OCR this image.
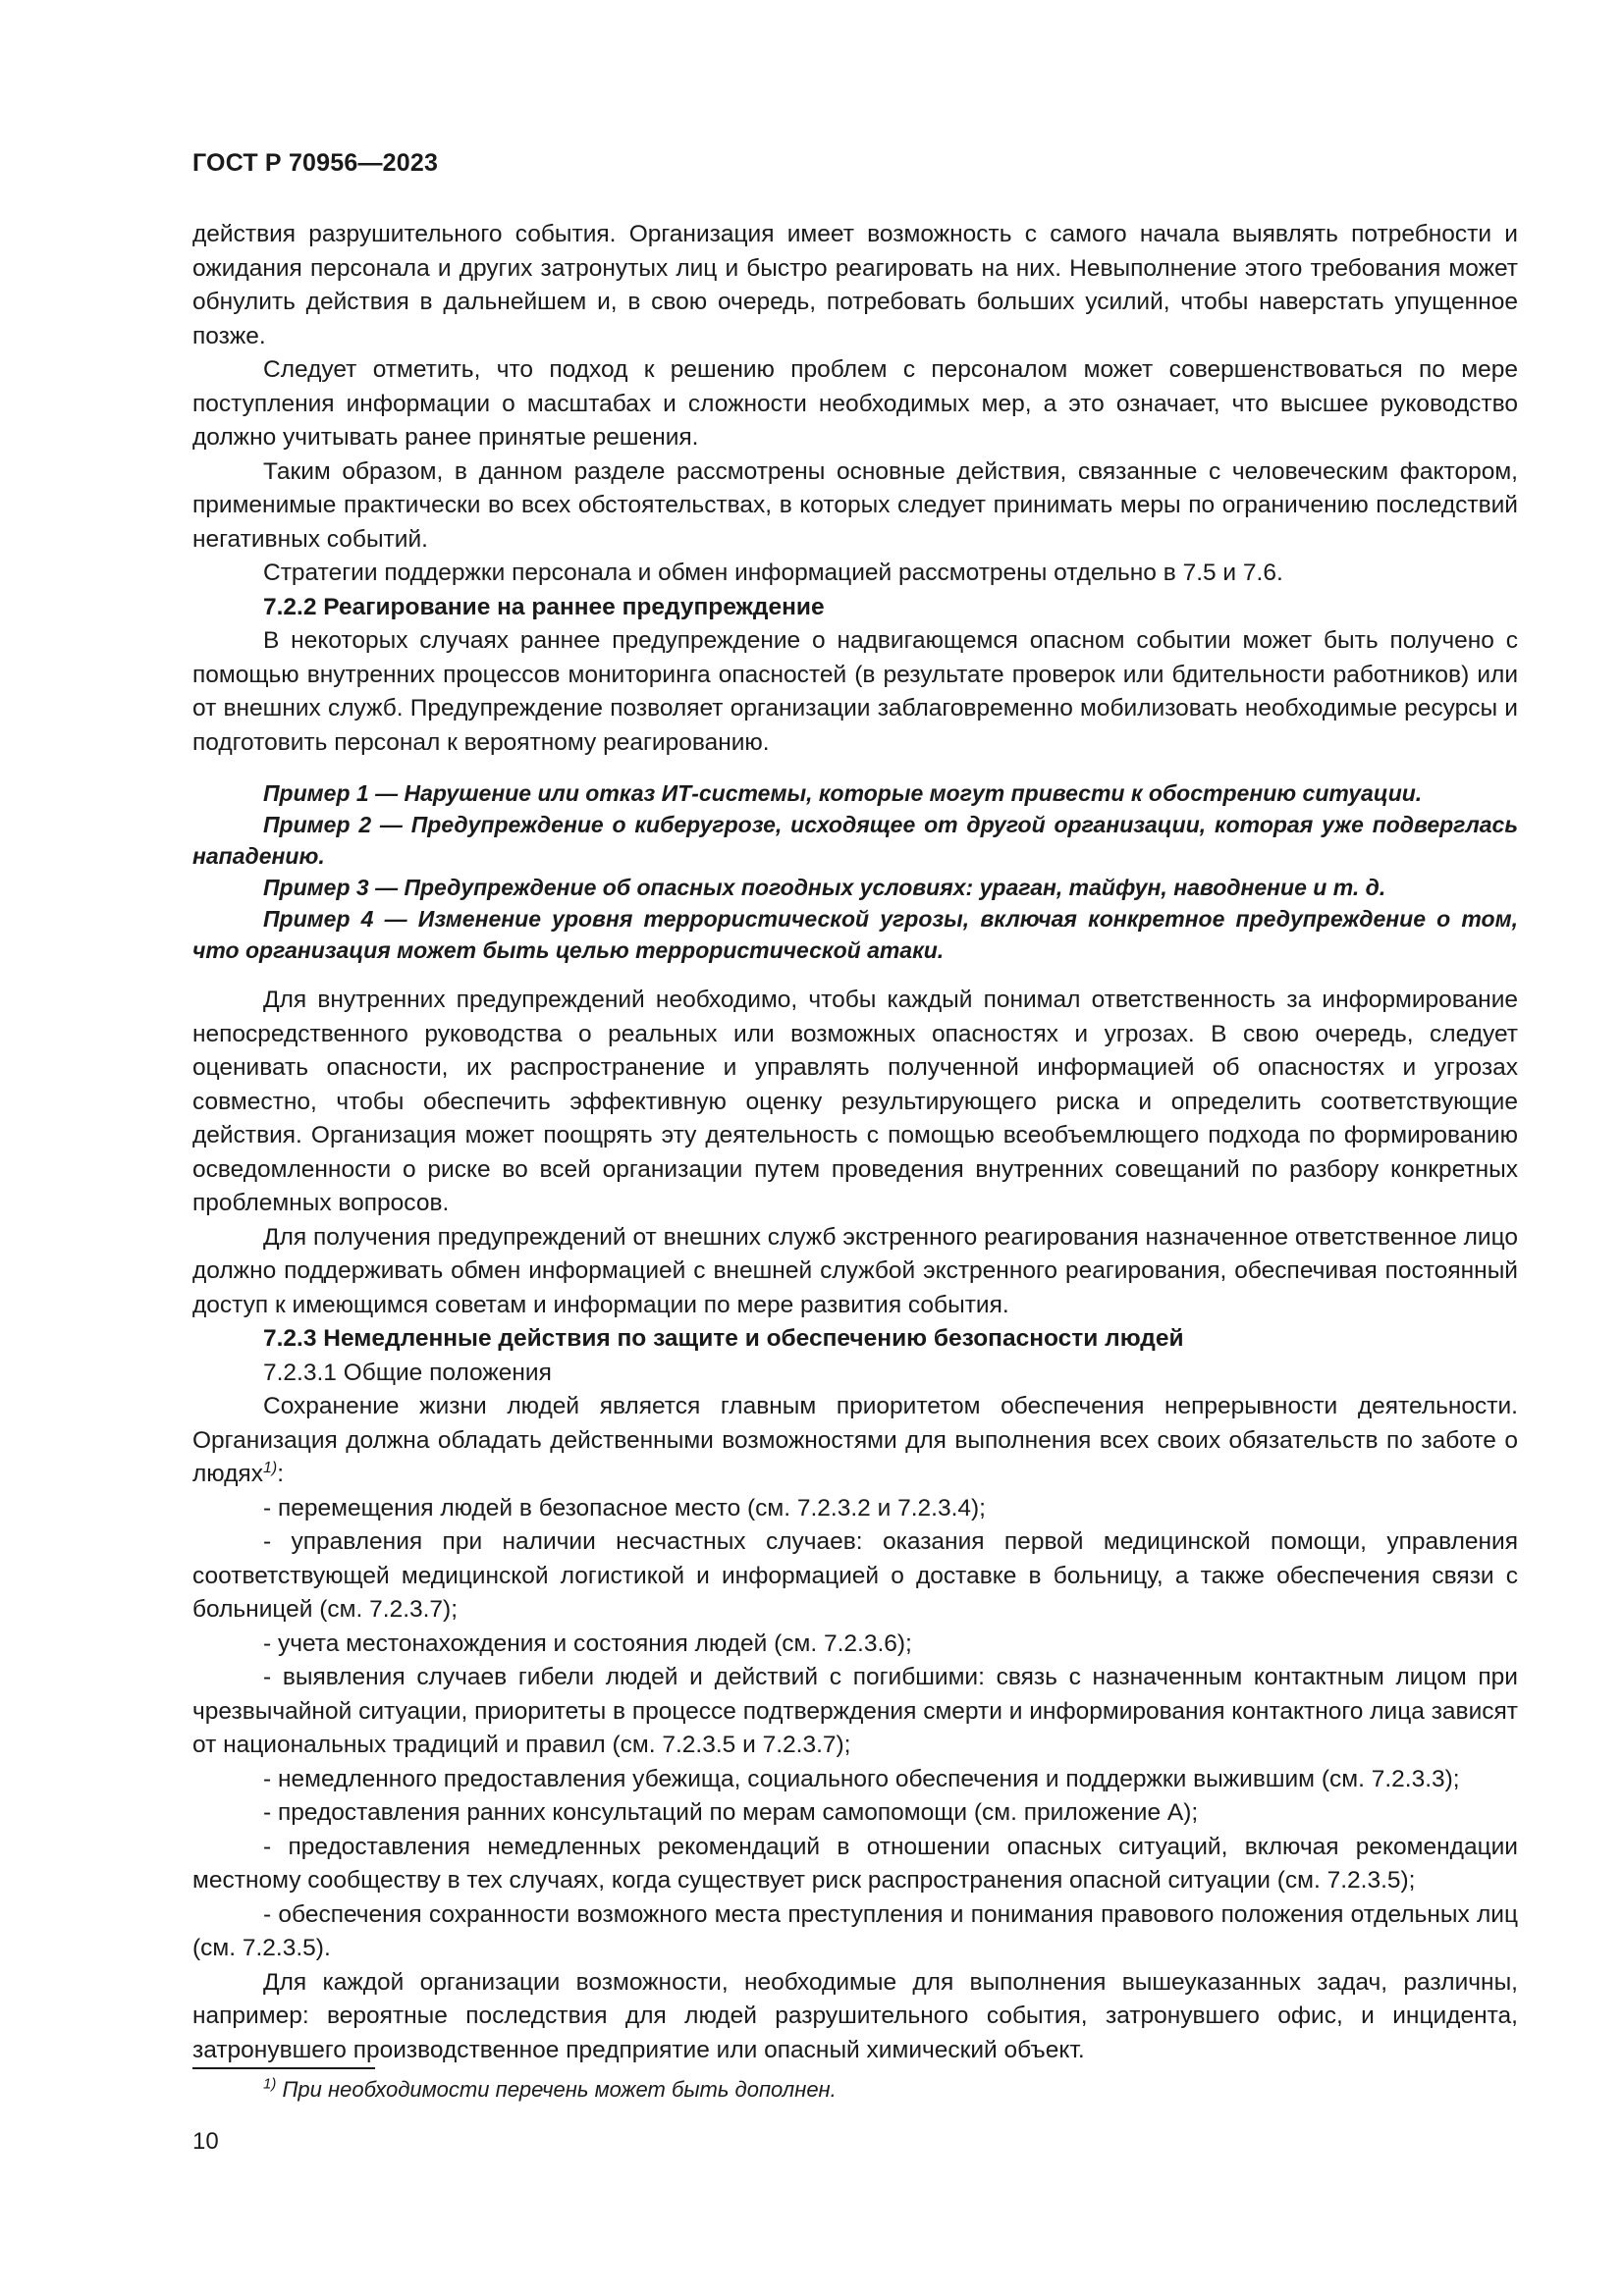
ГОСТ Р 70956—2023

действия разрушительного события. Организация имеет возможность с самого начала выявлять потребности и ожидания персонала и других затронутых лиц и быстро реагировать на них. Невыполнение этого требования может обнулить действия в дальнейшем и, в свою очередь, потребовать больших усилий, чтобы наверстать упущенное позже.

Следует отметить, что подход к решению проблем с персоналом может совершенствоваться по мере поступления информации о масштабах и сложности необходимых мер, а это означает, что высшее руководство должно учитывать ранее принятые решения.

Таким образом, в данном разделе рассмотрены основные действия, связанные с человеческим фактором, применимые практически во всех обстоятельствах, в которых следует принимать меры по ограничению последствий негативных событий.

Стратегии поддержки персонала и обмен информацией рассмотрены отдельно в 7.5 и 7.6.

7.2.2 Реагирование на раннее предупреждение

В некоторых случаях раннее предупреждение о надвигающемся опасном событии может быть получено с помощью внутренних процессов мониторинга опасностей (в результате проверок или бдительности работников) или от внешних служб. Предупреждение позволяет организации заблаговременно мобилизовать необходимые ресурсы и подготовить персонал к вероятному реагированию.

Пример 1 — Нарушение или отказ ИТ-системы, которые могут привести к обострению ситуации.

Пример 2 — Предупреждение о киберугрозе, исходящее от другой организации, которая уже подверглась нападению.

Пример 3 — Предупреждение об опасных погодных условиях: ураган, тайфун, наводнение и т. д.

Пример 4 — Изменение уровня террористической угрозы, включая конкретное предупреждение о том, что организация может быть целью террористической атаки.

Для внутренних предупреждений необходимо, чтобы каждый понимал ответственность за информирование непосредственного руководства о реальных или возможных опасностях и угрозах. В свою очередь, следует оценивать опасности, их распространение и управлять полученной информацией об опасностях и угрозах совместно, чтобы обеспечить эффективную оценку результирующего риска и определить соответствующие действия. Организация может поощрять эту деятельность с помощью всеобъемлющего подхода по формированию осведомленности о риске во всей организации путем проведения внутренних совещаний по разбору конкретных проблемных вопросов.

Для получения предупреждений от внешних служб экстренного реагирования назначенное ответственное лицо должно поддерживать обмен информацией с внешней службой экстренного реагирования, обеспечивая постоянный доступ к имеющимся советам и информации по мере развития события.

7.2.3 Немедленные действия по защите и обеспечению безопасности людей

7.2.3.1 Общие положения

Сохранение жизни людей является главным приоритетом обеспечения непрерывности деятельности. Организация должна обладать действенными возможностями для выполнения всех своих обязательств по заботе о людях$^{1)}$:

- перемещения людей в безопасное место (см. 7.2.3.2 и 7.2.3.4);

- управления при наличии несчастных случаев: оказания первой медицинской помощи, управления соответствующей медицинской логистикой и информацией о доставке в больницу, а также обеспечения связи с больницей (см. 7.2.3.7);

- учета местонахождения и состояния людей (см. 7.2.3.6);

- выявления случаев гибели людей и действий с погибшими: связь с назначенным контактным лицом при чрезвычайной ситуации, приоритеты в процессе подтверждения смерти и информирования контактного лица зависят от национальных традиций и правил (см. 7.2.3.5 и 7.2.3.7);

- немедленного предоставления убежища, социального обеспечения и поддержки выжившим (см. 7.2.3.3);

- предоставления ранних консультаций по мерам самопомощи (см. приложение А);

- предоставления немедленных рекомендаций в отношении опасных ситуаций, включая рекомендации местному сообществу в тех случаях, когда существует риск распространения опасной ситуации (см. 7.2.3.5);

- обеспечения сохранности возможного места преступления и понимания правового положения отдельных лиц (см. 7.2.3.5).

Для каждой организации возможности, необходимые для выполнения вышеуказанных задач, различны, например: вероятные последствия для людей разрушительного события, затронувшего офис, и инцидента, затронувшего производственное предприятие или опасный химический объект.

$^{1)}$ При необходимости перечень может быть дополнен.
10
